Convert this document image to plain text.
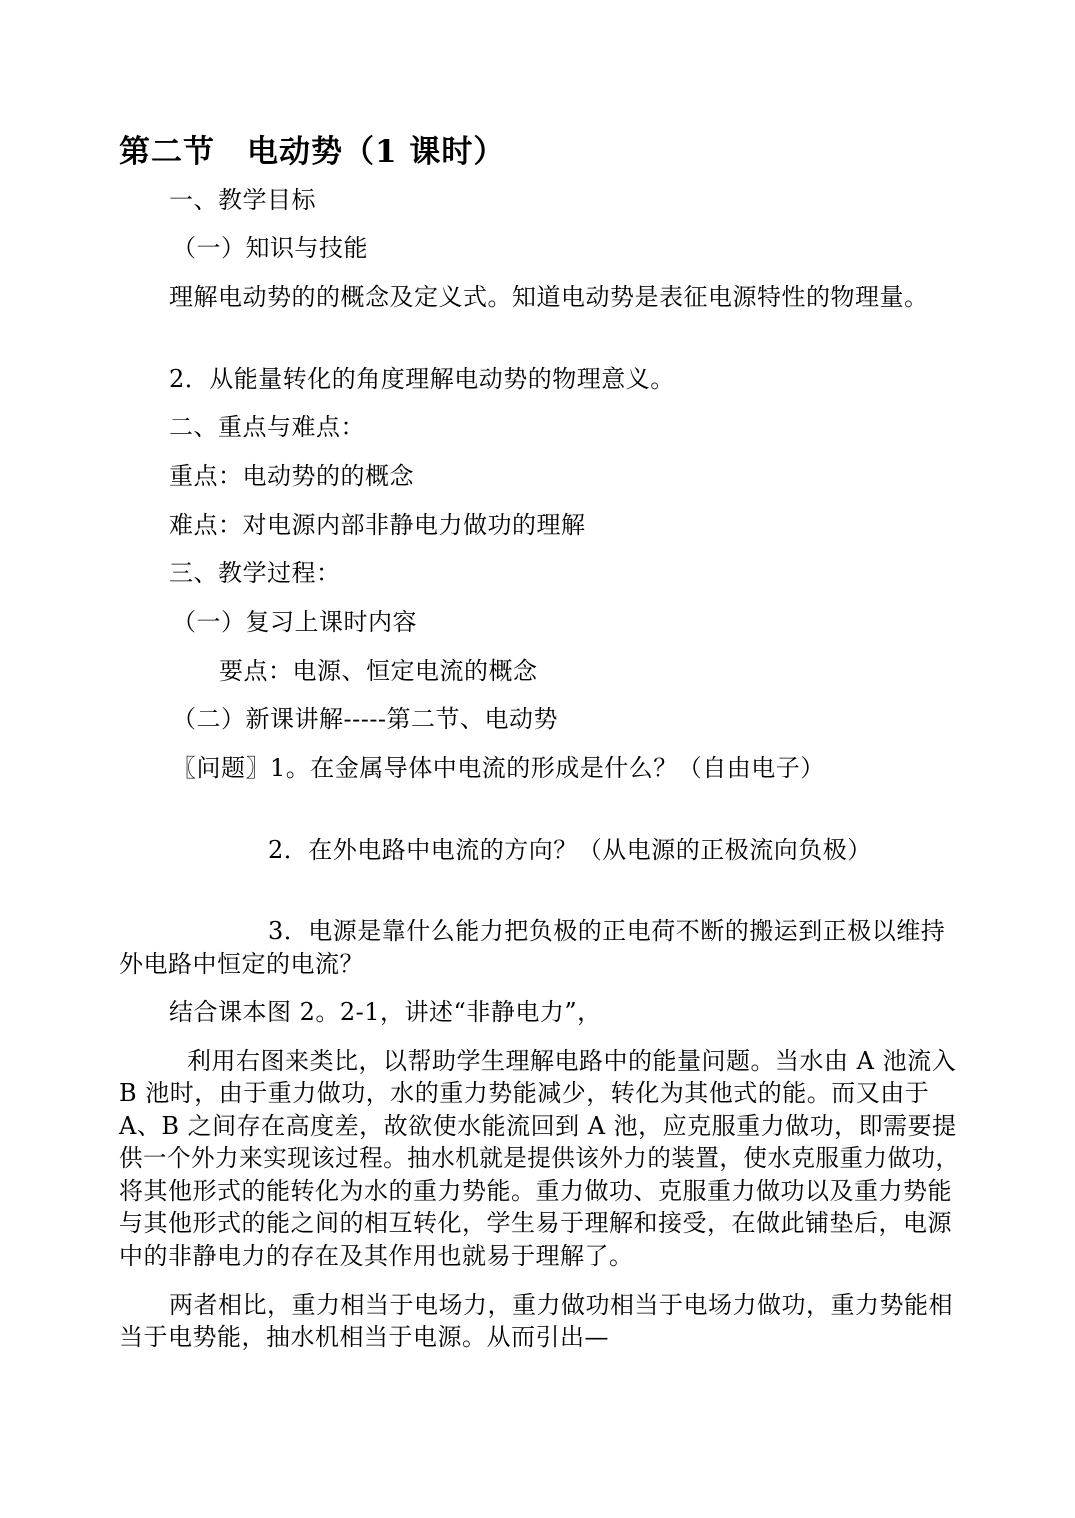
第二节　电动势（1 课时）
一、教学目标
（一）知识与技能
理解电动势的的概念及定义式。知道电动势是表征电源特性的物理量。
2．从能量转化的角度理解电动势的物理意义。
二、重点与难点：
重点：电动势的的概念
难点：对电源内部非静电力做功的理解
三、教学过程：
（一）复习上课时内容
要点：电源、恒定电流的概念
（二）新课讲解-----第二节、电动势
〖问题〗1。在金属导体中电流的形成是什么？（自由电子）
2．在外电路中电流的方向？（从电源的正极流向负极）
3．电源是靠什么能力把负极的正电荷不断的搬运到正极以维持
外电路中恒定的电流？
结合课本图 2。2-1，讲述“非静电力”，
利用右图来类比，以帮助学生理解电路中的能量问题。当水由 A 池流入
B 池时，由于重力做功，水的重力势能减少，转化为其他式的能。而又由于
A、B 之间存在高度差，故欲使水能流回到 A 池，应克服重力做功，即需要提
供一个外力来实现该过程。抽水机就是提供该外力的装置，使水克服重力做功，
将其他形式的能转化为水的重力势能。重力做功、克服重力做功以及重力势能
与其他形式的能之间的相互转化，学生易于理解和接受，在做此铺垫后，电源
中的非静电力的存在及其作用也就易于理解了。
两者相比，重力相当于电场力，重力做功相当于电场力做功，重力势能相
当于电势能，抽水机相当于电源。从而引出—
